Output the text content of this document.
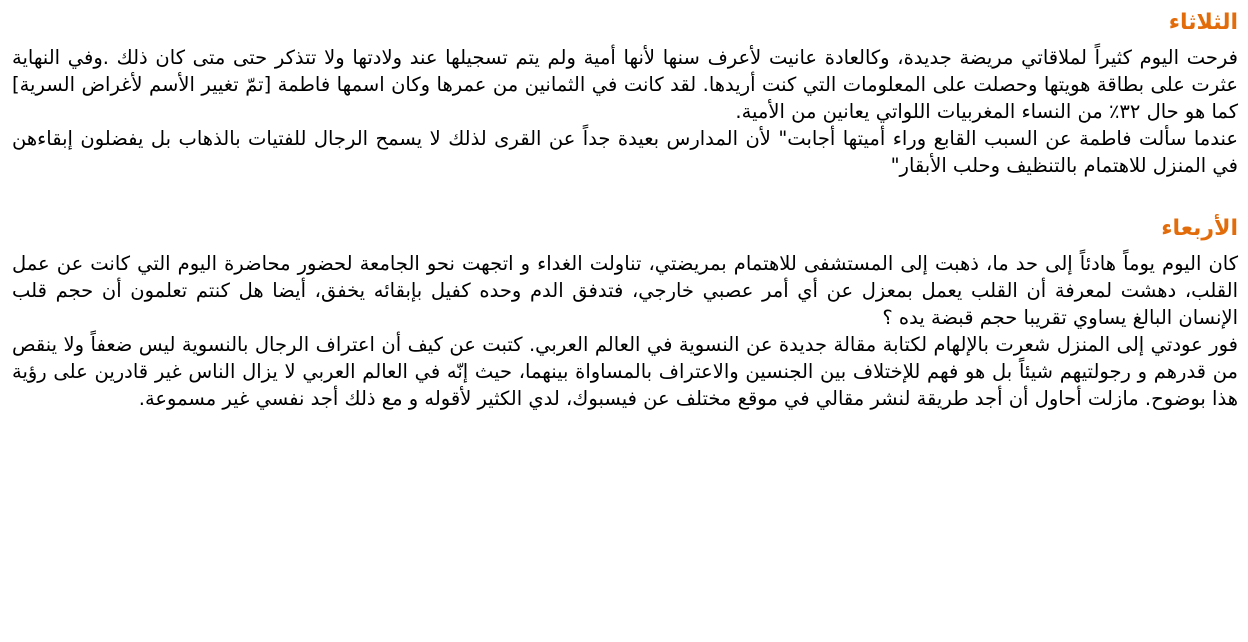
الثلاثاء

فرحت اليوم كثيراً لملاقاتي مريضة جديدة، وكالعادة عانيت لأعرف سنها لأنها أمية ولم يتم تسجيلها عند ولادتها ولا تتذكر حتى متى كان ذلك .وفي النهاية عثرت على بطاقة هويتها وحصلت على المعلومات التي كنت أريدها. لقد كانت في الثمانين من عمرها وكان اسمها فاطمة [تمّ تغيير الأسم لأغراض السرية] كما هو حال ٣٢٪ من النساء المغربيات اللواتي يعانين من الأمية.

عندما سألت فاطمة عن السبب القابع وراء أميتها أجابت" لأن المدارس بعيدة جداً عن القرى لذلك لا يسمح الرجال للفتيات بالذهاب بل يفضلون إبقاءهن في المنزل للاهتمام بالتنظيف وحلب الأبقار"

الأربعاء

كان اليوم يوماً هادئاً إلى حد ما، ذهبت إلى المستشفى للاهتمام بمريضتي، تناولت الغداء و اتجهت نحو الجامعة لحضور محاضرة اليوم التي كانت عن عمل القلب، دهشت لمعرفة أن القلب يعمل بمعزل عن أي أمر عصبي خارجي، فتدفق الدم وحده كفيل بإبقائه يخفق، أيضا هل كنتم تعلمون أن حجم قلب الإنسان البالغ يساوي تقريبا حجم قبضة يده ؟

فور عودتي إلى المنزل شعرت بالإلهام لكتابة مقالة جديدة عن النسوية في العالم العربي. كتبت عن كيف أن اعتراف الرجال بالنسوية ليس ضعفاً ولا ينقص من قدرهم و رجولتيهم شيئاً بل هو فهم للإختلاف بين الجنسين والاعتراف بالمساواة بينهما، حيث إنّه في العالم العربي لا يزال الناس غير قادرين على رؤية هذا بوضوح. مازلت أحاول أن أجد طريقة لنشر مقالي في موقع مختلف عن فيسبوك، لدي الكثير لأقوله و مع ذلك أجد نفسي غير مسموعة.
